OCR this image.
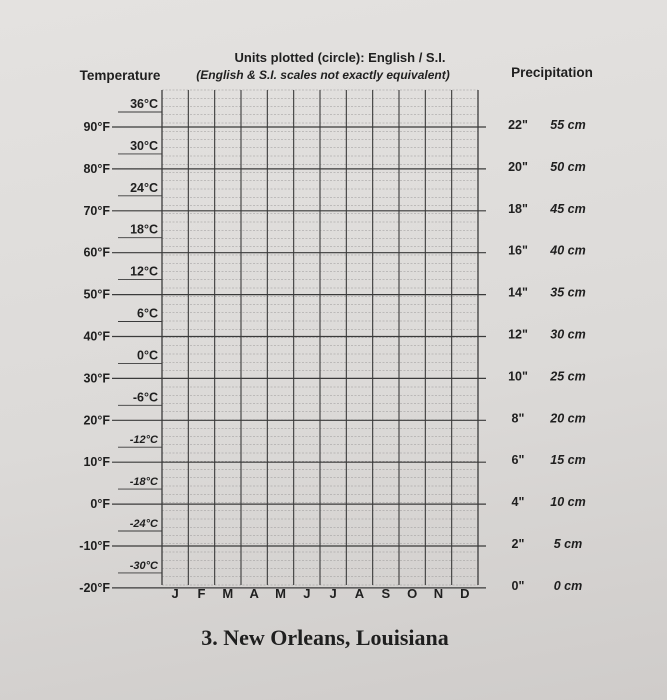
Units plotted (circle): English / S.I.
Temperature	(English & S.I. scales not exactly equivalent)	Precipitation
90°F
80°F
70°F
60°F
50°F
40°F
30°F
20°F
10°F
0°F
-10°F
-20°F
36°C
30°C
24°C
18°C
12°C
6°C
0°C
-6°C
-12°C
-18°C
-24°C
-30°C
22"
20"
18"
16"
14"
12"
10"
8"
6"
4"
2"
0"
55 cm
50 cm
45 cm
40 cm
35 cm
30 cm
25 cm
20 cm
15 cm
10 cm
5 cm
0 cm
J F M A M J J A S O N D
3. New Orleans, Louisiana
